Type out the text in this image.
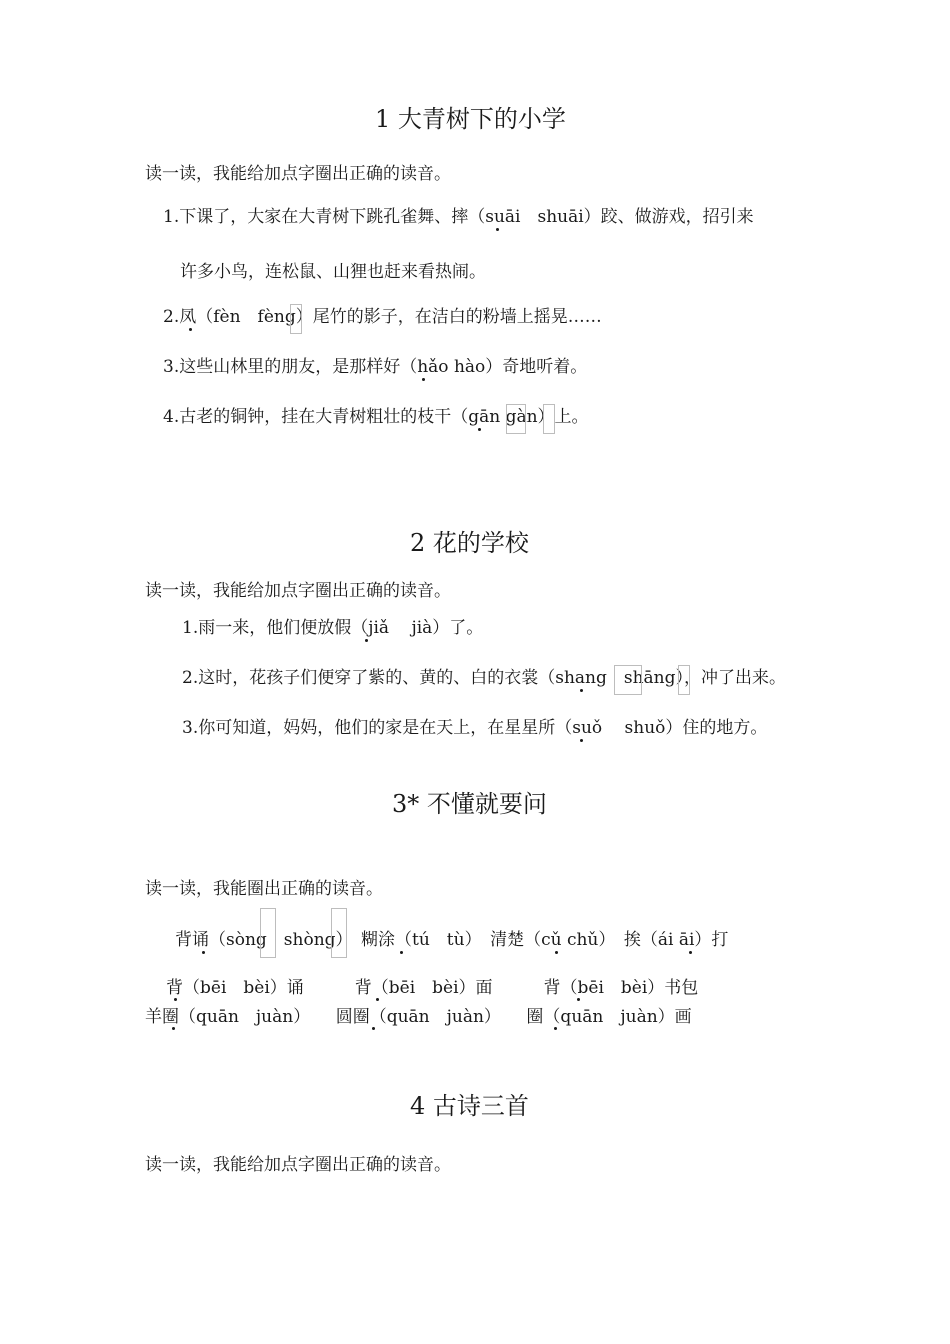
1 大青树下的小学
读一读，我能给加点字圈出正确的读音。
1.下课了，大家在大青树下跳孔雀舞、摔（suāi　shuāi）跤、做游戏，招引来
许多小鸟，连松鼠、山狸也赶来看热闹。
2.凤（fèn　fèng）尾竹的影子，在洁白的粉墙上摇晃……
3.这些山林里的朋友，是那样好（hǎo hào）奇地听着。
4.古老的铜钟，挂在大青树粗壮的枝干（gān gàn）上。
2 花的学校
读一读，我能给加点字圈出正确的读音。
1.雨一来，他们便放假（jiǎ　 jià）了。
2.这时，花孩子们便穿了紫的、黄的、白的衣裳（shang　shāng），冲了出来。
3.你可知道，妈妈，他们的家是在天上，在星星所（suǒ　 shuǒ）住的地方。
3* 不懂就要问
读一读，我能圈出正确的读音。
背诵（sòng　shòng）　糊涂（tú　tù）　清楚（cǔ chǔ）　挨（ái āi）打
背（bēi　bèi）诵　　　背（bēi　bèi）面　　　背（bēi　bèi）书包
羊圈（quān　juàn）　　圆圈（quān　juàn）　　圈（quān　juàn）画
4 古诗三首
读一读，我能给加点字圈出正确的读音。
